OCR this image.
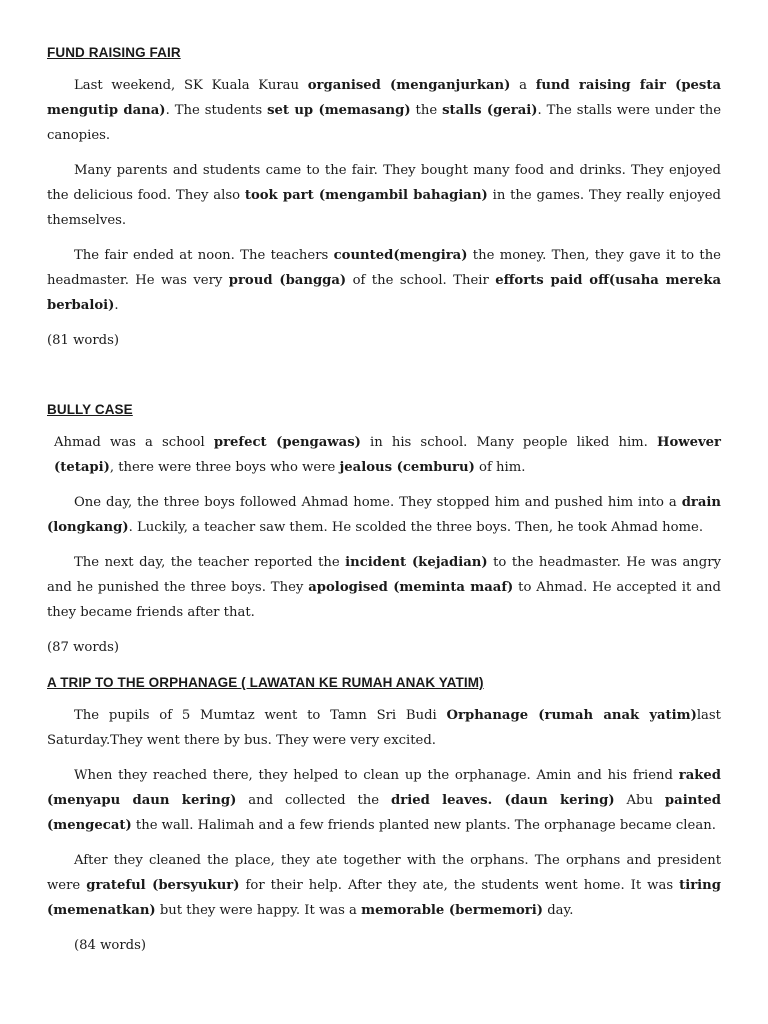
FUND RAISING FAIR

Last weekend, SK Kuala Kurau organised (menganjurkan) a fund raising fair (pesta mengutip dana). The students set up (memasang) the stalls (gerai). The stalls were under the canopies.

Many parents and students came to the fair. They bought many food and drinks. They enjoyed the delicious food. They also took part (mengambil bahagian) in the games. They really enjoyed themselves.

The fair ended at noon. The teachers counted(mengira) the money. Then, they gave it to the headmaster. He was very proud (bangga) of the school. Their efforts paid off(usaha mereka berbaloi).

(81 words)
BULLY CASE

Ahmad was a school prefect (pengawas) in his school. Many people liked him. However (tetapi), there were three boys who were jealous (cemburu) of him.

One day, the three boys followed Ahmad home. They stopped him and pushed him into a drain (longkang). Luckily, a teacher saw them. He scolded the three boys. Then, he took Ahmad home.

The next day, the teacher reported the incident (kejadian) to the headmaster. He was angry and he punished the three boys. They apologised (meminta maaf) to Ahmad. He accepted it and they became friends after that.

(87 words)
A TRIP TO THE ORPHANAGE ( LAWATAN KE RUMAH ANAK YATIM)

The pupils of 5 Mumtaz went to Tamn Sri Budi Orphanage (rumah anak yatim)last Saturday.They went there by bus. They were very excited.

When they reached there, they helped to clean up the orphanage. Amin and his friend raked (menyapu daun kering) and collected the dried leaves. (daun kering) Abu painted (mengecat) the wall. Halimah and a few friends planted new plants. The orphanage became clean.

After they cleaned the place, they ate together with the orphans. The orphans and president were grateful (bersyukur) for their help. After they ate, the students went home. It was tiring (memenatkan) but they were happy. It was a memorable (bermemori) day.

(84 words)
